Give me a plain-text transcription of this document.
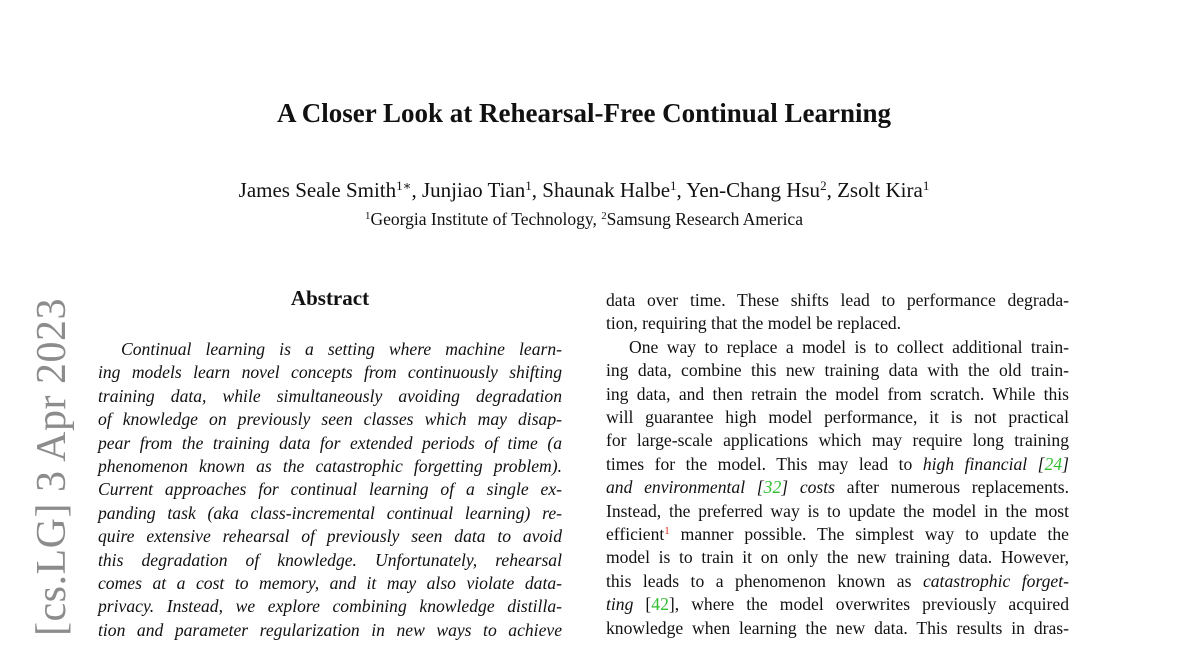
A Closer Look at Rehearsal-Free Continual Learning
James Seale Smith$^{1∗}$, Junjiao Tian$^1$, Shaunak Halbe$^1$, Yen-Chang Hsu$^2$, Zsolt Kira$^1$
$^1$Georgia Institute of Technology, $^2$Samsung Research America
[cs.LG] 3 Apr 2023
Abstract
Continual learning is a setting where machine learn-
ing models learn novel concepts from continuously shifting
training data, while simultaneously avoiding degradation
of knowledge on previously seen classes which may disap-
pear from the training data for extended periods of time (a
phenomenon known as the catastrophic forgetting problem).
Current approaches for continual learning of a single ex-
panding task (aka class-incremental continual learning) re-
quire extensive rehearsal of previously seen data to avoid
this degradation of knowledge. Unfortunately, rehearsal
comes at a cost to memory, and it may also violate data-
privacy. Instead, we explore combining knowledge distilla-
tion and parameter regularization in new ways to achieve
data over time. These shifts lead to performance degrada-
tion, requiring that the model be replaced.
One way to replace a model is to collect additional train-
ing data, combine this new training data with the old train-
ing data, and then retrain the model from scratch. While this
will guarantee high model performance, it is not practical
for large-scale applications which may require long training
times for the model. This may lead to high financial [24]
and environmental [32] costs after numerous replacements.
Instead, the preferred way is to update the model in the most
efficient$^1$ manner possible. The simplest way to update the
model is to train it on only the new training data. However,
this leads to a phenomenon known as catastrophic forget-
ting [42], where the model overwrites previously acquired
knowledge when learning the new data. This results in dras-
